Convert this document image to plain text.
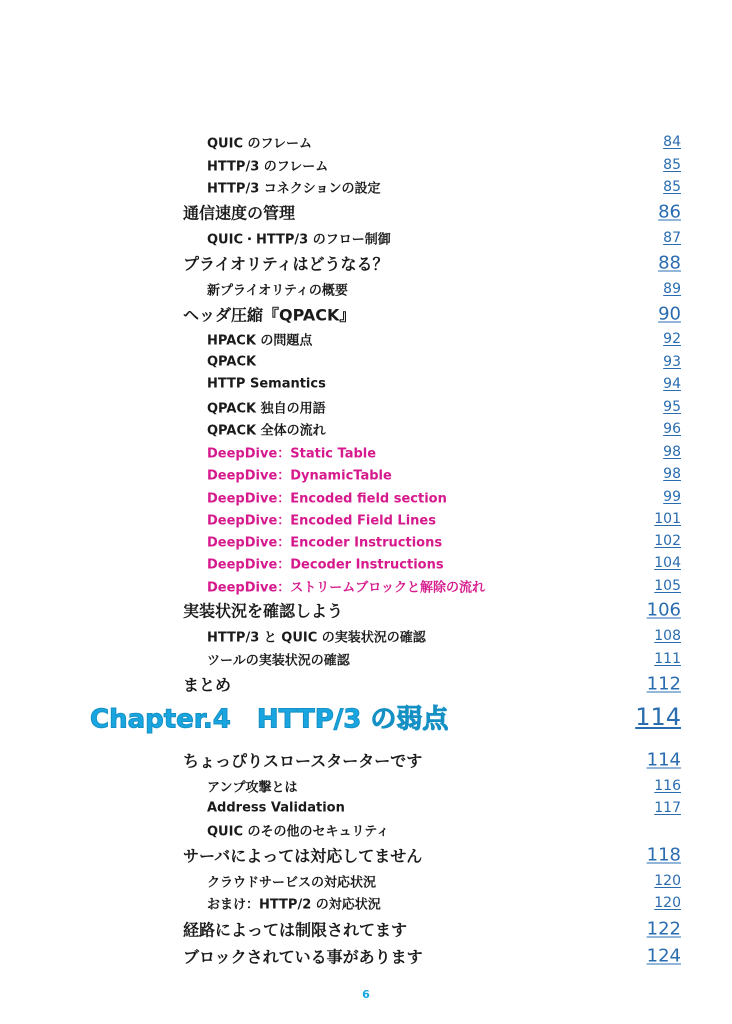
QUIC のフレーム	84
HTTP/3 のフレーム	85
HTTP/3 コネクションの設定	85
通信速度の管理	86
QUIC・HTTP/3 のフロー制御	87
プライオリティはどうなる？	88
新プライオリティの概要	89
ヘッダ圧縮『QPACK』	90
HPACK の問題点	92
QPACK	93
HTTP Semantics	94
QPACK 独自の用語	95
QPACK 全体の流れ	96
DeepDive：Static Table	98
DeepDive：DynamicTable	98
DeepDive：Encoded field section	99
DeepDive：Encoded Field Lines	101
DeepDive：Encoder Instructions	102
DeepDive：Decoder Instructions	104
DeepDive：ストリームブロックと解除の流れ	105
実装状況を確認しよう	106
HTTP/3 と QUIC の実装状況の確認	108
ツールの実装状況の確認	111
まとめ	112
Chapter.4　HTTP/3 の弱点	114
ちょっぴりスロースターターです	114
アンプ攻撃とは	116
Address Validation	117
QUIC のその他のセキュリティ
サーバによっては対応してません	118
クラウドサービスの対応状況	120
おまけ：HTTP/2 の対応状況	120
経路によっては制限されてます	122
ブロックされている事があります	124
6
